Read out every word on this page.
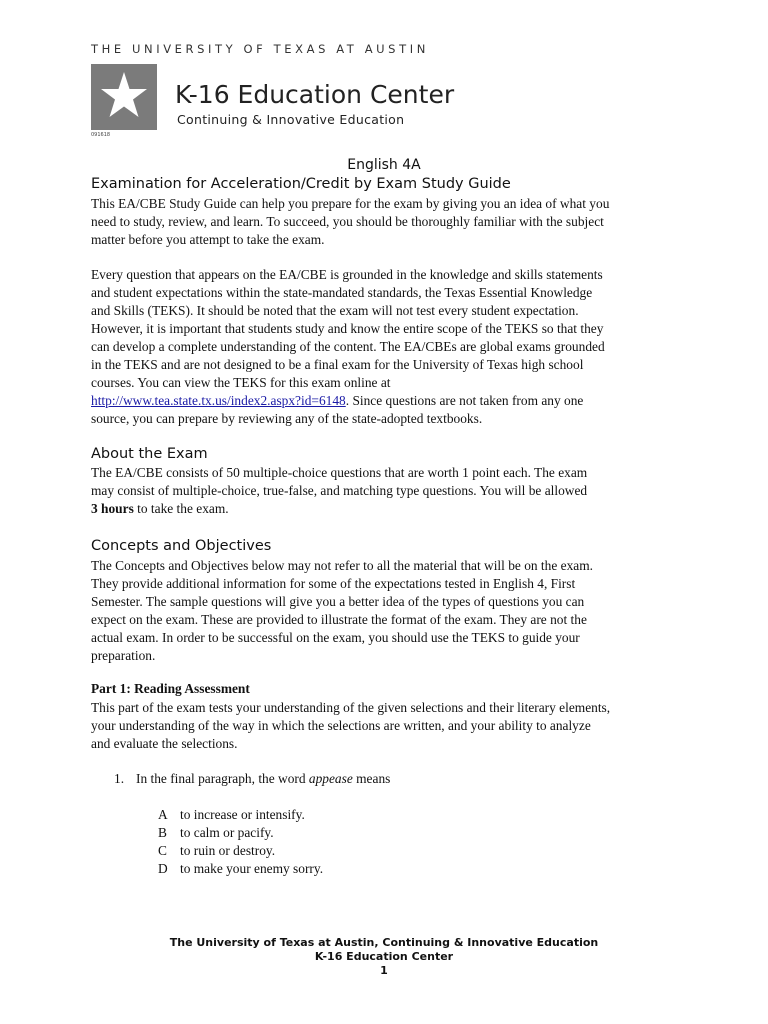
THE UNIVERSITY OF TEXAS AT AUSTIN
K-16 Education Center
Continuing & Innovative Education
091618
English 4A
Examination for Acceleration/Credit by Exam Study Guide
This EA/CBE Study Guide can help you prepare for the exam by giving you an idea of what you
need to study, review, and learn. To succeed, you should be thoroughly familiar with the subject
matter before you attempt to take the exam.
Every question that appears on the EA/CBE is grounded in the knowledge and skills statements
and student expectations within the state-mandated standards, the Texas Essential Knowledge
and Skills (TEKS). It should be noted that the exam will not test every student expectation.
However, it is important that students study and know the entire scope of the TEKS so that they
can develop a complete understanding of the content. The EA/CBEs are global exams grounded
in the TEKS and are not designed to be a final exam for the University of Texas high school
courses. You can view the TEKS for this exam online at
http://www.tea.state.tx.us/index2.aspx?id=6148. Since questions are not taken from any one
source, you can prepare by reviewing any of the state-adopted textbooks.
About the Exam
The EA/CBE consists of 50 multiple-choice questions that are worth 1 point each. The exam
may consist of multiple-choice, true-false, and matching type questions. You will be allowed
3 hours to take the exam.
Concepts and Objectives
The Concepts and Objectives below may not refer to all the material that will be on the exam.
They provide additional information for some of the expectations tested in English 4, First
Semester. The sample questions will give you a better idea of the types of questions you can
expect on the exam. These are provided to illustrate the format of the exam. They are not the
actual exam. In order to be successful on the exam, you should use the TEKS to guide your
preparation.
Part 1: Reading Assessment
This part of the exam tests your understanding of the given selections and their literary elements,
your understanding of the way in which the selections are written, and your ability to analyze
and evaluate the selections.
1. In the final paragraph, the word appease means
A to increase or intensify.
B to calm or pacify.
C to ruin or destroy.
D to make your enemy sorry.
The University of Texas at Austin, Continuing & Innovative Education
K-16 Education Center
1
